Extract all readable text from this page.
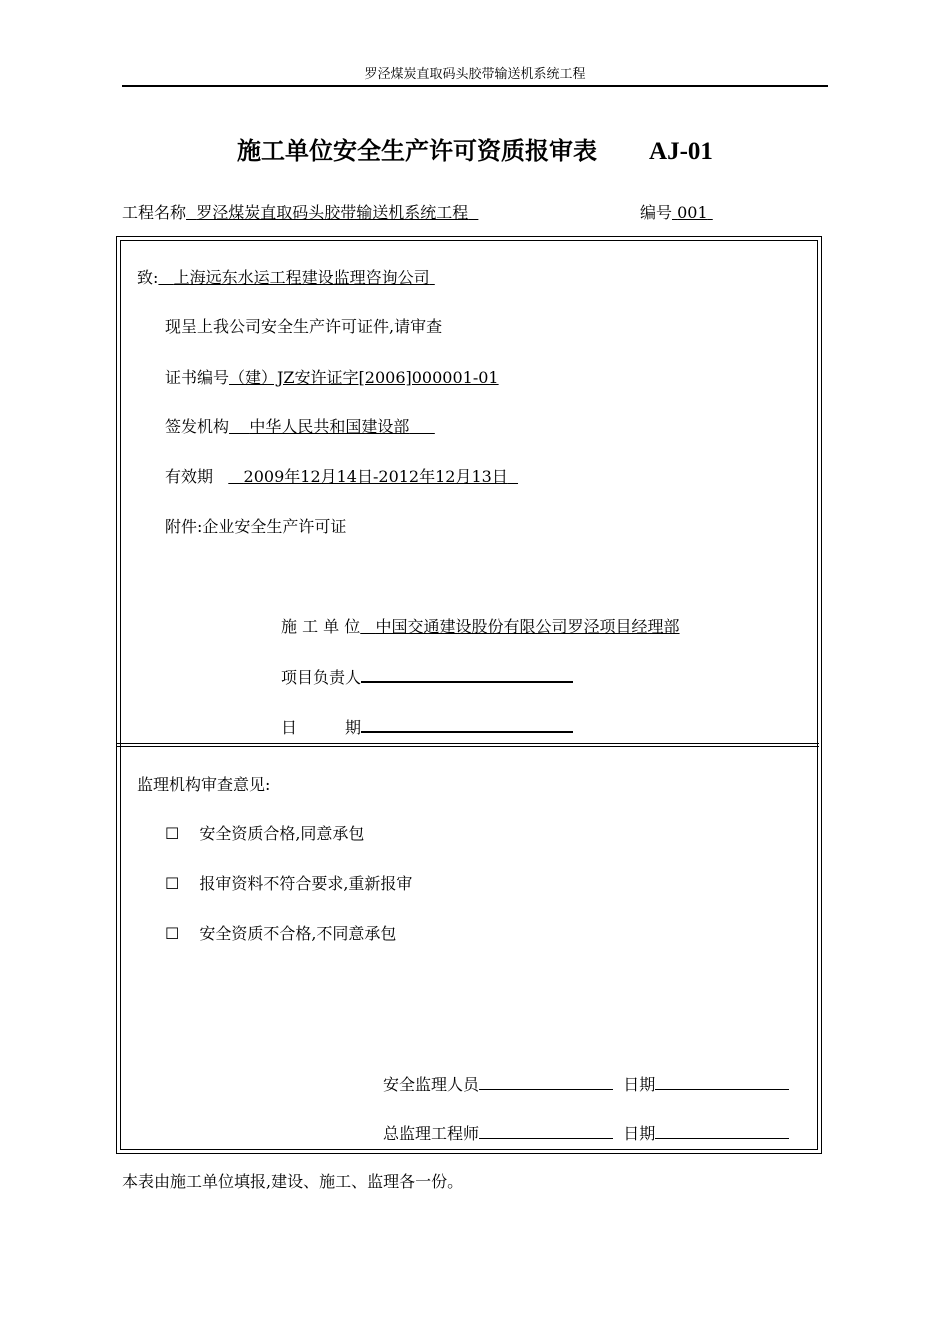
罗泾煤炭直取码头胶带输送机系统工程
施工单位安全生产许可资质报审表 AJ-01
工程名称 罗泾煤炭直取码头胶带输送机系统工程	编号 001
致: 上海远东水运工程建设监理咨询公司
现呈上我公司安全生产许可证件,请审查
证书编号（建）JZ安许证字[2006]000001-01
签发机构 中华人民共和国建设部
有效期 2009年12月14日-2012年12月13日
附件:企业安全生产许可证
施 工 单 位 中国交通建设股份有限公司罗泾项目经理部
项目负责人
日　　　期
监理机构审查意见:
☐ 安全资质合格,同意承包
☐ 报审资料不符合要求,重新报审
☐ 安全资质不合格,不同意承包
安全监理人员	日期
总监理工程师	日期
本表由施工单位填报,建设、施工、监理各一份。
